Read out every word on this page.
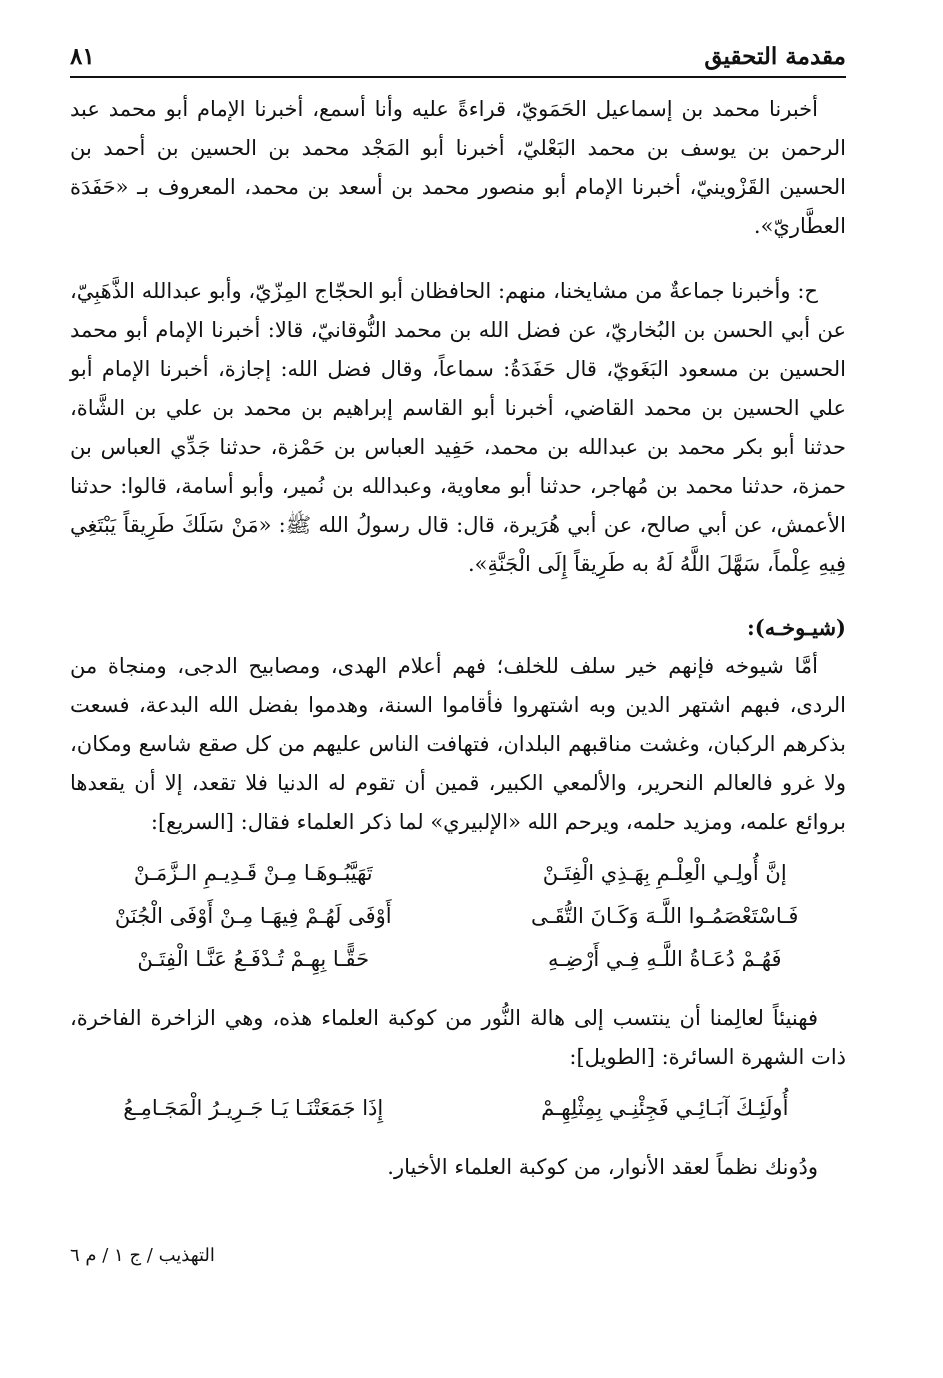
مقدمة التحقيق
٨١

أخبرنا محمد بن إسماعيل الحَمَويّ، قراءةً عليه وأنا أسمع، أخبرنا الإمام أبو محمد عبد الرحمن بن يوسف بن محمد البَعْليّ، أخبرنا أبو المَجْد محمد بن الحسين بن أحمد بن الحسين القَزْوينيّ، أخبرنا الإمام أبو منصور محمد بن أسعد بن محمد، المعروف بـ «حَفَدَة العطَّاريّ».

ح: وأخبرنا جماعةٌ من مشايخنا، منهم: الحافظان أبو الحجّاج المِزّيّ، وأبو عبدالله الذَّهَبِيّ، عن أبي الحسن بن البُخاريّ، عن فضل الله بن محمد النُّوقانيّ، قالا: أخبرنا الإمام أبو محمد الحسين بن مسعود البَغَويّ، قال حَفَدَةُ: سماعاً، وقال فضل الله: إجازة، أخبرنا الإمام أبو علي الحسين بن محمد القاضي، أخبرنا أبو القاسم إبراهيم بن محمد بن علي بن الشَّاة، حدثنا أبو بكر محمد بن عبدالله بن محمد، حَفِيد العباس بن حَمْزة، حدثنا جَدِّي العباس بن حمزة، حدثنا محمد بن مُهاجر، حدثنا أبو معاوية، وعبدالله بن نُمير، وأبو أسامة، قالوا: حدثنا الأعمش، عن أبي صالح، عن أبي هُرَيرة، قال: قال رسولُ الله ﷺ: «مَنْ سَلَكَ طَرِيقاً يَبْتَغِي فِيهِ عِلْماً، سَهَّلَ اللَّهُ لَهُ به طَرِيقاً إِلَى الْجَنَّةِ».

(شيـوخـه):

أمَّا شيوخه فإنهم خير سلف للخلف؛ فهم أعلام الهدى، ومصابيح الدجى، ومنجاة من الردى، فبهم اشتهر الدين وبه اشتهروا فأقاموا السنة، وهدموا بفضل الله البدعة، فسعت بذكرهم الركبان، وغشت مناقبهم البلدان، فتهافت الناس عليهم من كل صقع شاسع ومكان، ولا غرو فالعالم النحرير، والألمعي الكبير، قمين أن تقوم له الدنيا فلا تقعد، إلا أن يقعدها بروائع علمه، ومزيد حلمه، ويرحم الله «الإلبيري» لما ذكر العلماء فقال: [السريع]:

إنَّ أُولِـي الْعِلْـمِ بِهَـذِي الْفِتَـنْ
تَهَيَّبُـوهَـا مِـنْ قَـدِيـمِ الـزَّمَـنْ
فَـاسْتَعْصَمُـوا اللَّـهَ وَكَـانَ التُّقَـى
أَوْفَى لَهُـمْ فِيهَـا مِـنْ أَوْفَى الْجُنَنْ
فَهُـمْ دُعَـاةُ اللَّـهِ فِـي أَرْضِـهِ
حَقًّـا بِهِـمْ تُـدْفَـعُ عَنَّـا الْفِتَـنْ

فهنيئاً لعالِمنا أن ينتسب إلى هالة النُّور من كوكبة العلماء هذه، وهي الزاخرة الفاخرة، ذات الشهرة السائرة: [الطويل]:

أُولَئِـكَ آبَـائِـي فَجِئْنِـي بِمِثْلِهِـمْ
إِذَا جَمَعَتْنَـا يَـا جَـرِيـرُ الْمَجَـامِـعُ

ودُونك نظماً لعقد الأنوار، من كوكبة العلماء الأخيار.

التهذيب / ج ١ / م ٦
